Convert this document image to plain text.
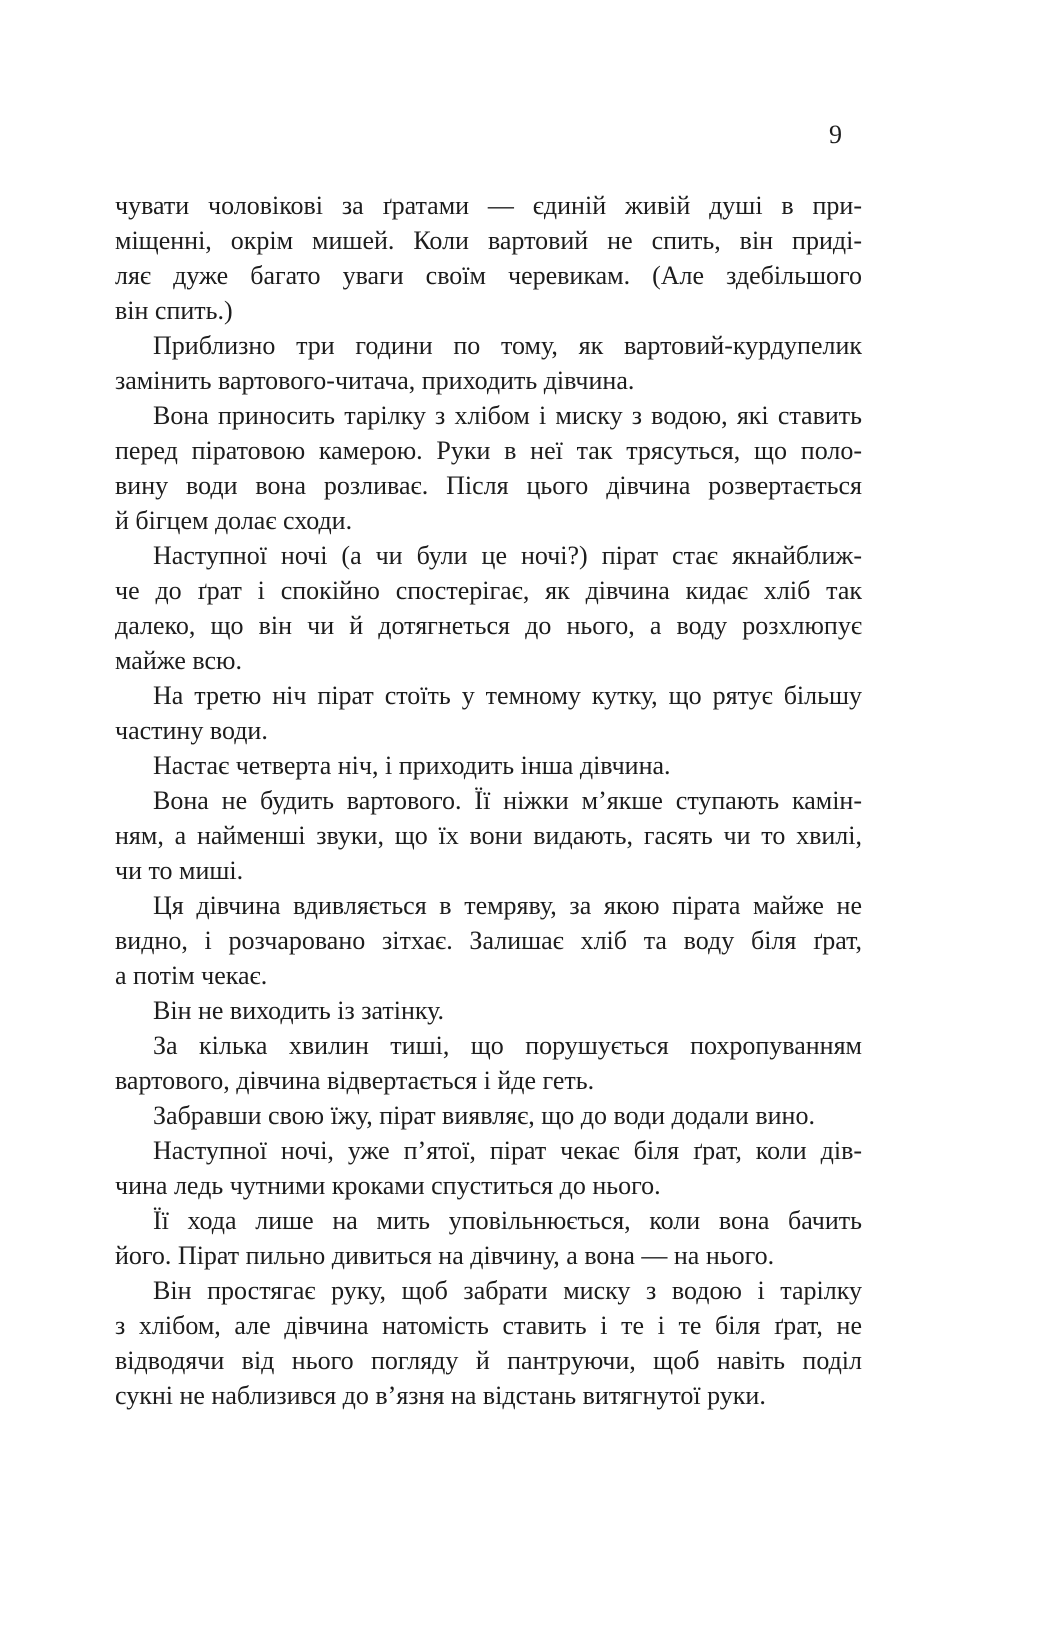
9
чувати чоловікові за ґратами — єдиній живій душі в при-
міщенні, окрім мишей. Коли вартовий не спить, він приді-
ляє дуже багато уваги своїм черевикам. (Але здебільшого
він спить.)
Приблизно три години по тому, як вартовий-курдупелик
замінить вартового-читача, приходить дівчина.
Вона приносить тарілку з хлібом і миску з водою, які ставить
перед піратовою камерою. Руки в неї так трясуться, що поло-
вину води вона розливає. Після цього дівчина розвертається
й бігцем долає сходи.
Наступної ночі (а чи були це ночі?) пірат стає якнайближ-
че до ґрат і спокійно спостерігає, як дівчина кидає хліб так
далеко, що він чи й дотягнеться до нього, а воду розхлюпує
майже всю.
На третю ніч пірат стоїть у темному кутку, що рятує більшу
частину води.
Настає четверта ніч, і приходить інша дівчина.
Вона не будить вартового. Її ніжки м’якше ступають камін-
ням, а найменші звуки, що їх вони видають, гасять чи то хвилі,
чи то миші.
Ця дівчина вдивляється в темряву, за якою пірата майже не
видно, і розчаровано зітхає. Залишає хліб та воду біля ґрат,
а потім чекає.
Він не виходить із затінку.
За кілька хвилин тиші, що порушується похропуванням
вартового, дівчина відвертається і йде геть.
Забравши свою їжу, пірат виявляє, що до води додали вино.
Наступної ночі, уже п’ятої, пірат чекає біля ґрат, коли дів-
чина ледь чутними кроками спуститься до нього.
Її хода лише на мить уповільнюється, коли вона бачить
його. Пірат пильно дивиться на дівчину, а вона — на нього.
Він простягає руку, щоб забрати миску з водою і тарілку
з хлібом, але дівчина натомість ставить і те і те біля ґрат, не
відводячи від нього погляду й пантруючи, щоб навіть поділ
сукні не наблизився до в’язня на відстань витягнутої руки.
